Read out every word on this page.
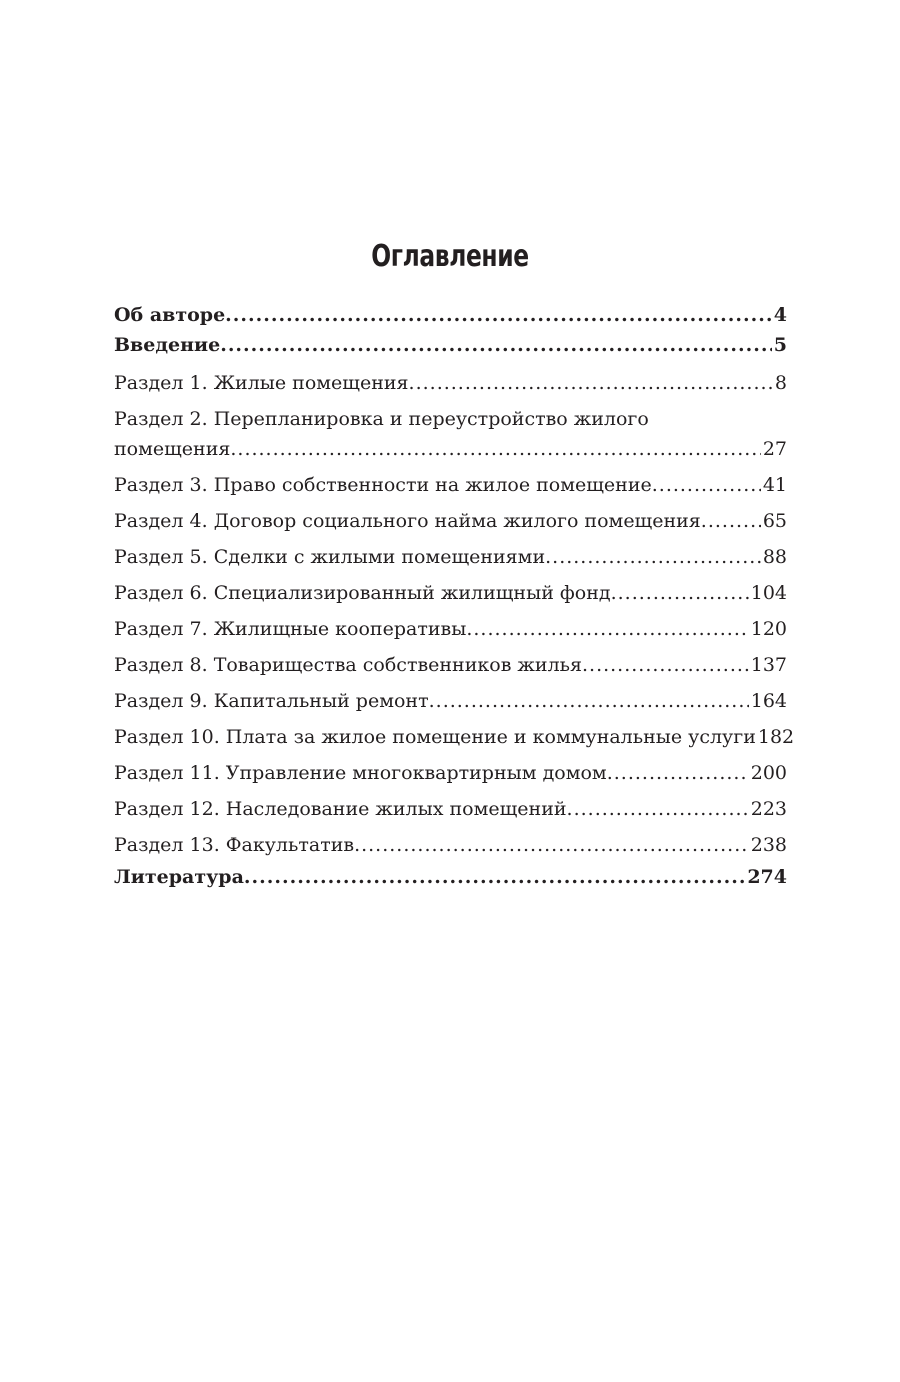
Оглавление
Об авторе .....	4
Введение .....	5
Раздел 1. Жилые помещения .....	8
Раздел 2. Перепланировка и переустройство жилого
помещения .....	27
Раздел 3. Право собственности на жилое помещение .....	41
Раздел 4. Договор социального найма жилого помещения .....	65
Раздел 5. Сделки с жилыми помещениями .....	88
Раздел 6. Специализированный жилищный фонд .....	104
Раздел 7. Жилищные кооперативы .....	120
Раздел 8. Товарищества собственников жилья .....	137
Раздел 9. Капитальный ремонт .....	164
Раздел 10. Плата за жилое помещение и коммунальные услуги 182
Раздел 11. Управление многоквартирным домом .....	200
Раздел 12. Наследование жилых помещений .....	223
Раздел 13. Факультатив .....	238
Литература .....	274
